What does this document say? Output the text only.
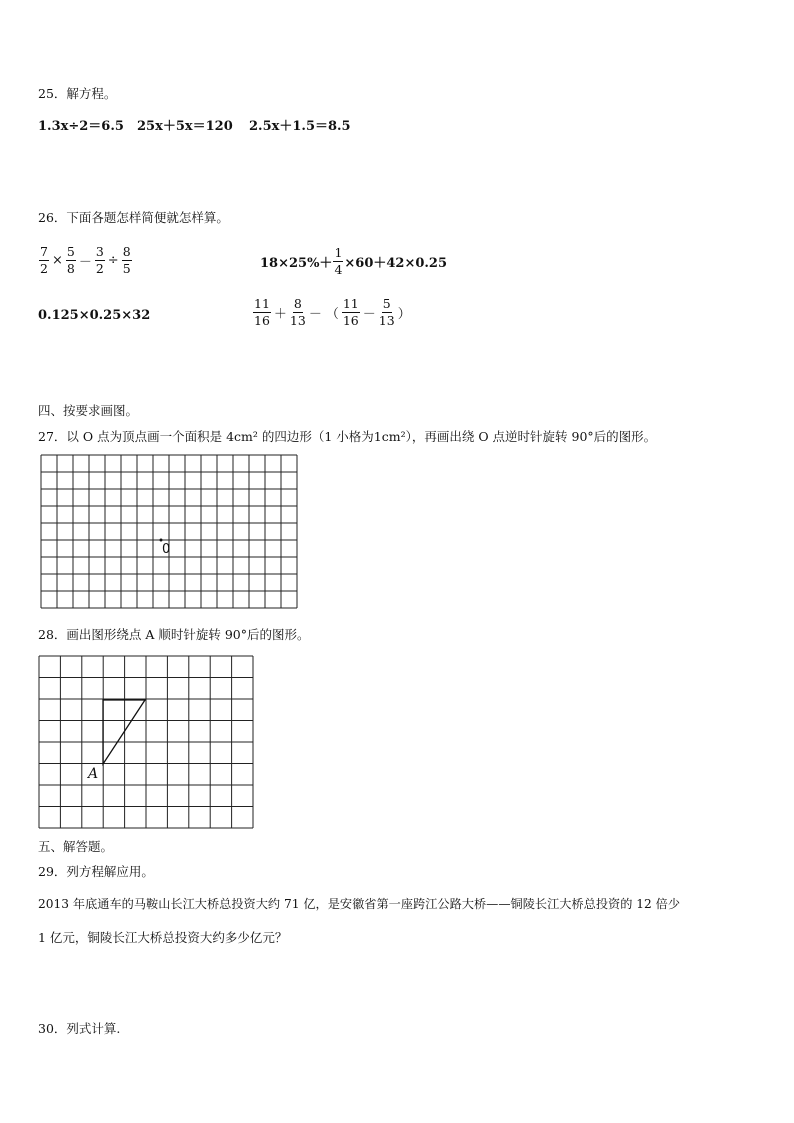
25．解方程。
1.3x÷2＝6.5 25x＋5x＝120 2.5x＋1.5＝8.5
26．下面各题怎样简便就怎样算。
$\frac{7}{2} \times \frac{5}{8} - \frac{3}{2} \div \frac{8}{5}$	$18\times 25\%+ \frac{1}{4} \times 60+42\times 0.25$
0.125×0.25×32	$\frac{11}{16} + \frac{8}{13}$ － （ $\frac{11}{16} - \frac{5}{13}$ ）
四、按要求画图。
27．以 O 点为顶点画一个面积是 4cm² 的四边形（1 小格为1cm²），再画出绕 O 点逆时针旋转 90°后的图形。
0
28．画出图形绕点 A 顺时针旋转 90°后的图形。
A
五、解答题。
29．列方程解应用。
2013 年底通车的马鞍山长江大桥总投资大约 71 亿，是安徽省第一座跨江公路大桥——铜陵长江大桥总投资的 12 倍少
1 亿元，铜陵长江大桥总投资大约多少亿元？
30．列式计算.
